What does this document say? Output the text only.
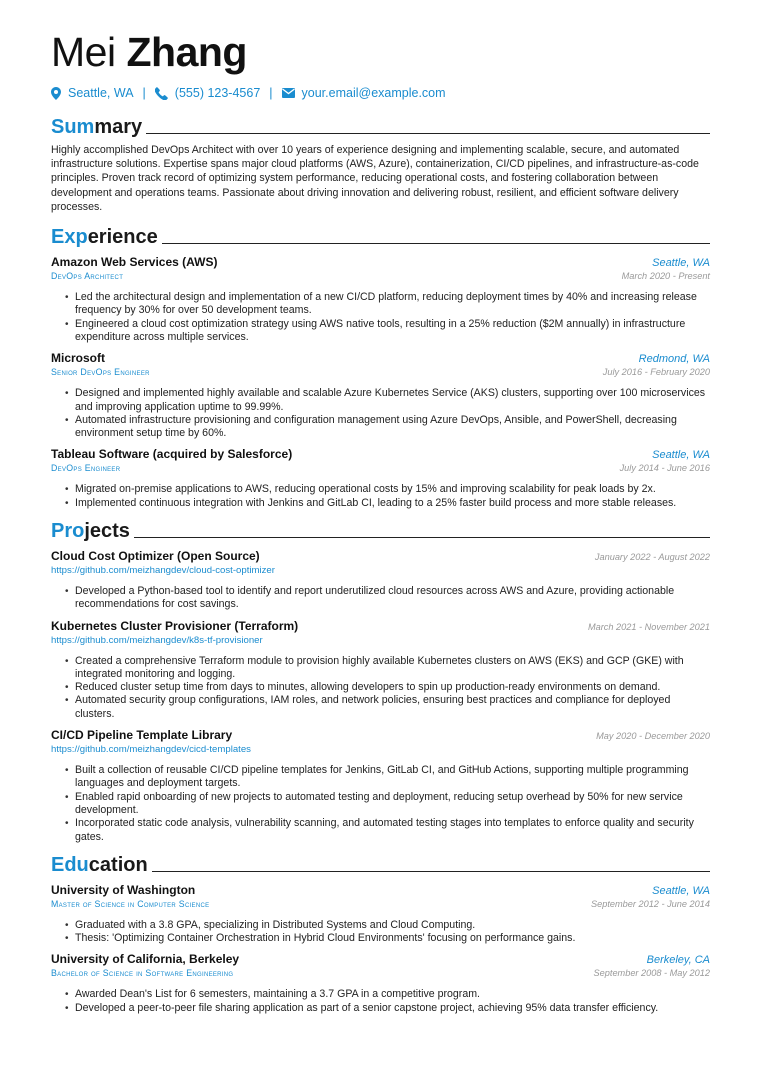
Mei Zhang
Seattle, WA | (555) 123-4567 | your.email@example.com
Summary
Highly accomplished DevOps Architect with over 10 years of experience designing and implementing scalable, secure, and automated infrastructure solutions. Expertise spans major cloud platforms (AWS, Azure), containerization, CI/CD pipelines, and infrastructure-as-code principles. Proven track record of optimizing system performance, reducing operational costs, and fostering collaboration between development and operations teams. Passionate about driving innovation and delivering robust, resilient, and efficient software delivery processes.
Experience
Amazon Web Services (AWS)	Seattle, WA
DevOps Architect	March 2020 - Present
• Led the architectural design and implementation of a new CI/CD platform, reducing deployment times by 40% and increasing release frequency by 30% for over 50 development teams.
• Engineered a cloud cost optimization strategy using AWS native tools, resulting in a 25% reduction ($2M annually) in infrastructure expenditure across multiple services.
Microsoft	Redmond, WA
Senior DevOps Engineer	July 2016 - February 2020
• Designed and implemented highly available and scalable Azure Kubernetes Service (AKS) clusters, supporting over 100 microservices and improving application uptime to 99.99%.
• Automated infrastructure provisioning and configuration management using Azure DevOps, Ansible, and PowerShell, decreasing environment setup time by 60%.
Tableau Software (acquired by Salesforce)	Seattle, WA
DevOps Engineer	July 2014 - June 2016
• Migrated on-premise applications to AWS, reducing operational costs by 15% and improving scalability for peak loads by 2x.
• Implemented continuous integration with Jenkins and GitLab CI, leading to a 25% faster build process and more stable releases.
Projects
Cloud Cost Optimizer (Open Source)	January 2022 - August 2022
https://github.com/meizhangdev/cloud-cost-optimizer
• Developed a Python-based tool to identify and report underutilized cloud resources across AWS and Azure, providing actionable recommendations for cost savings.
Kubernetes Cluster Provisioner (Terraform)	March 2021 - November 2021
https://github.com/meizhangdev/k8s-tf-provisioner
• Created a comprehensive Terraform module to provision highly available Kubernetes clusters on AWS (EKS) and GCP (GKE) with integrated monitoring and logging.
• Reduced cluster setup time from days to minutes, allowing developers to spin up production-ready environments on demand.
• Automated security group configurations, IAM roles, and network policies, ensuring best practices and compliance for deployed clusters.
CI/CD Pipeline Template Library	May 2020 - December 2020
https://github.com/meizhangdev/cicd-templates
• Built a collection of reusable CI/CD pipeline templates for Jenkins, GitLab CI, and GitHub Actions, supporting multiple programming languages and deployment targets.
• Enabled rapid onboarding of new projects to automated testing and deployment, reducing setup overhead by 50% for new service development.
• Incorporated static code analysis, vulnerability scanning, and automated testing stages into templates to enforce quality and security gates.
Education
University of Washington	Seattle, WA
Master of Science in Computer Science	September 2012 - June 2014
• Graduated with a 3.8 GPA, specializing in Distributed Systems and Cloud Computing.
• Thesis: 'Optimizing Container Orchestration in Hybrid Cloud Environments' focusing on performance gains.
University of California, Berkeley	Berkeley, CA
Bachelor of Science in Software Engineering	September 2008 - May 2012
• Awarded Dean's List for 6 semesters, maintaining a 3.7 GPA in a competitive program.
• Developed a peer-to-peer file sharing application as part of a senior capstone project, achieving 95% data transfer efficiency.
